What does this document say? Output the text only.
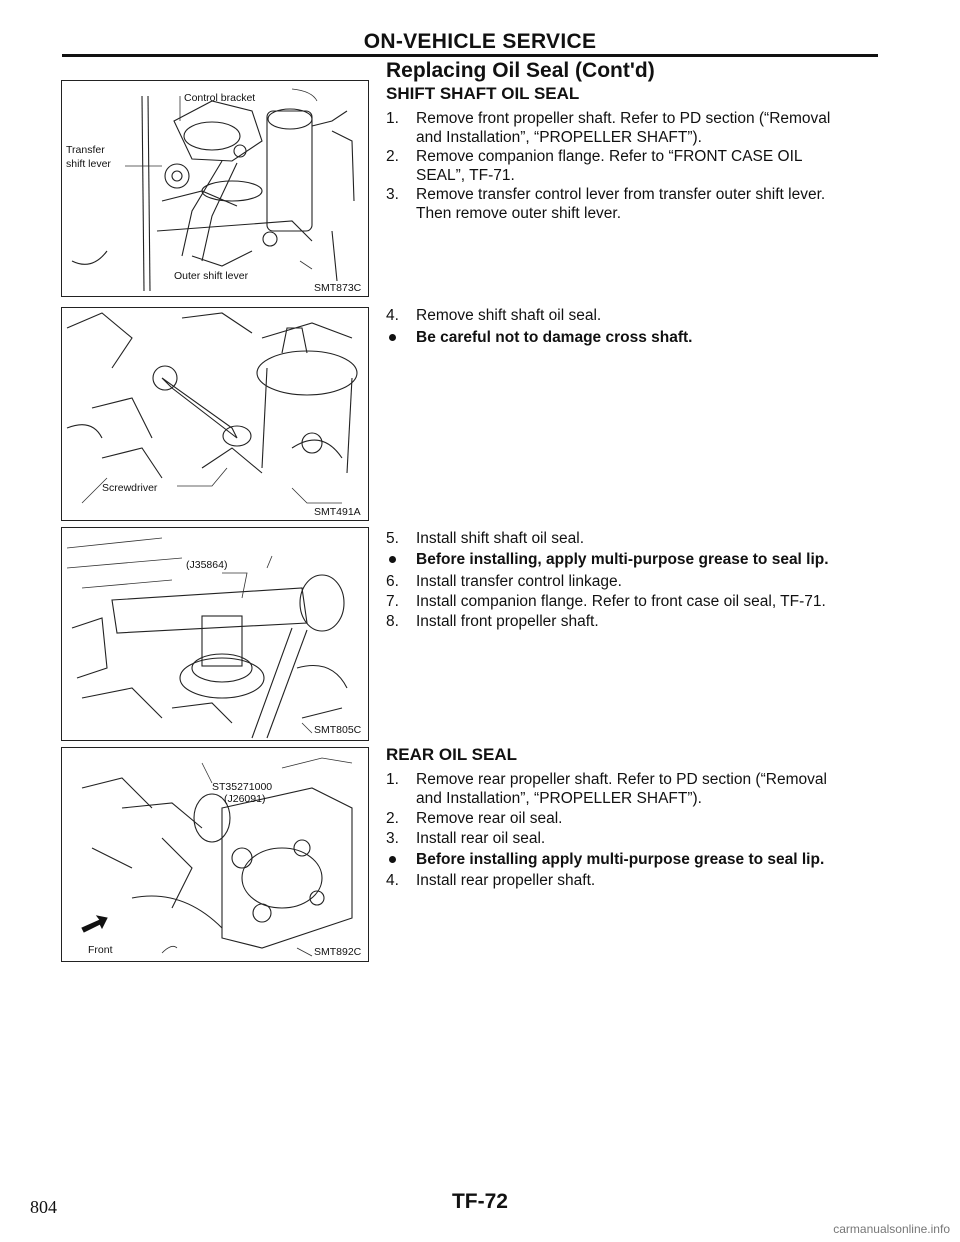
ON-VEHICLE SERVICE
Replacing Oil Seal (Cont'd)
SHIFT SHAFT OIL SEAL
1. Remove front propeller shaft. Refer to PD section (“Removal
and Installation”, “PROPELLER SHAFT”).
2. Remove companion flange. Refer to “FRONT CASE OIL
SEAL”, TF-71.
3. Remove transfer control lever from transfer outer shift lever.
Then remove outer shift lever.
4. Remove shift shaft oil seal.
Be careful not to damage cross shaft.
5. Install shift shaft oil seal.
Before installing, apply multi-purpose grease to seal lip.
6. Install transfer control linkage.
7. Install companion flange. Refer to front case oil seal, TF-71.
8. Install front propeller shaft.
REAR OIL SEAL
1. Remove rear propeller shaft. Refer to PD section (“Removal
and Installation”, “PROPELLER SHAFT”).
2. Remove rear oil seal.
3. Install rear oil seal.
Before installing apply multi-purpose grease to seal lip.
4. Install rear propeller shaft.
Control bracket
Transfer
shift lever
Outer shift lever
SMT873C
Screwdriver
SMT491A
(J35864)
SMT805C
ST35271000
(J26091)
Front	SMT892C
804	TF-72
carmanualsonline.info
